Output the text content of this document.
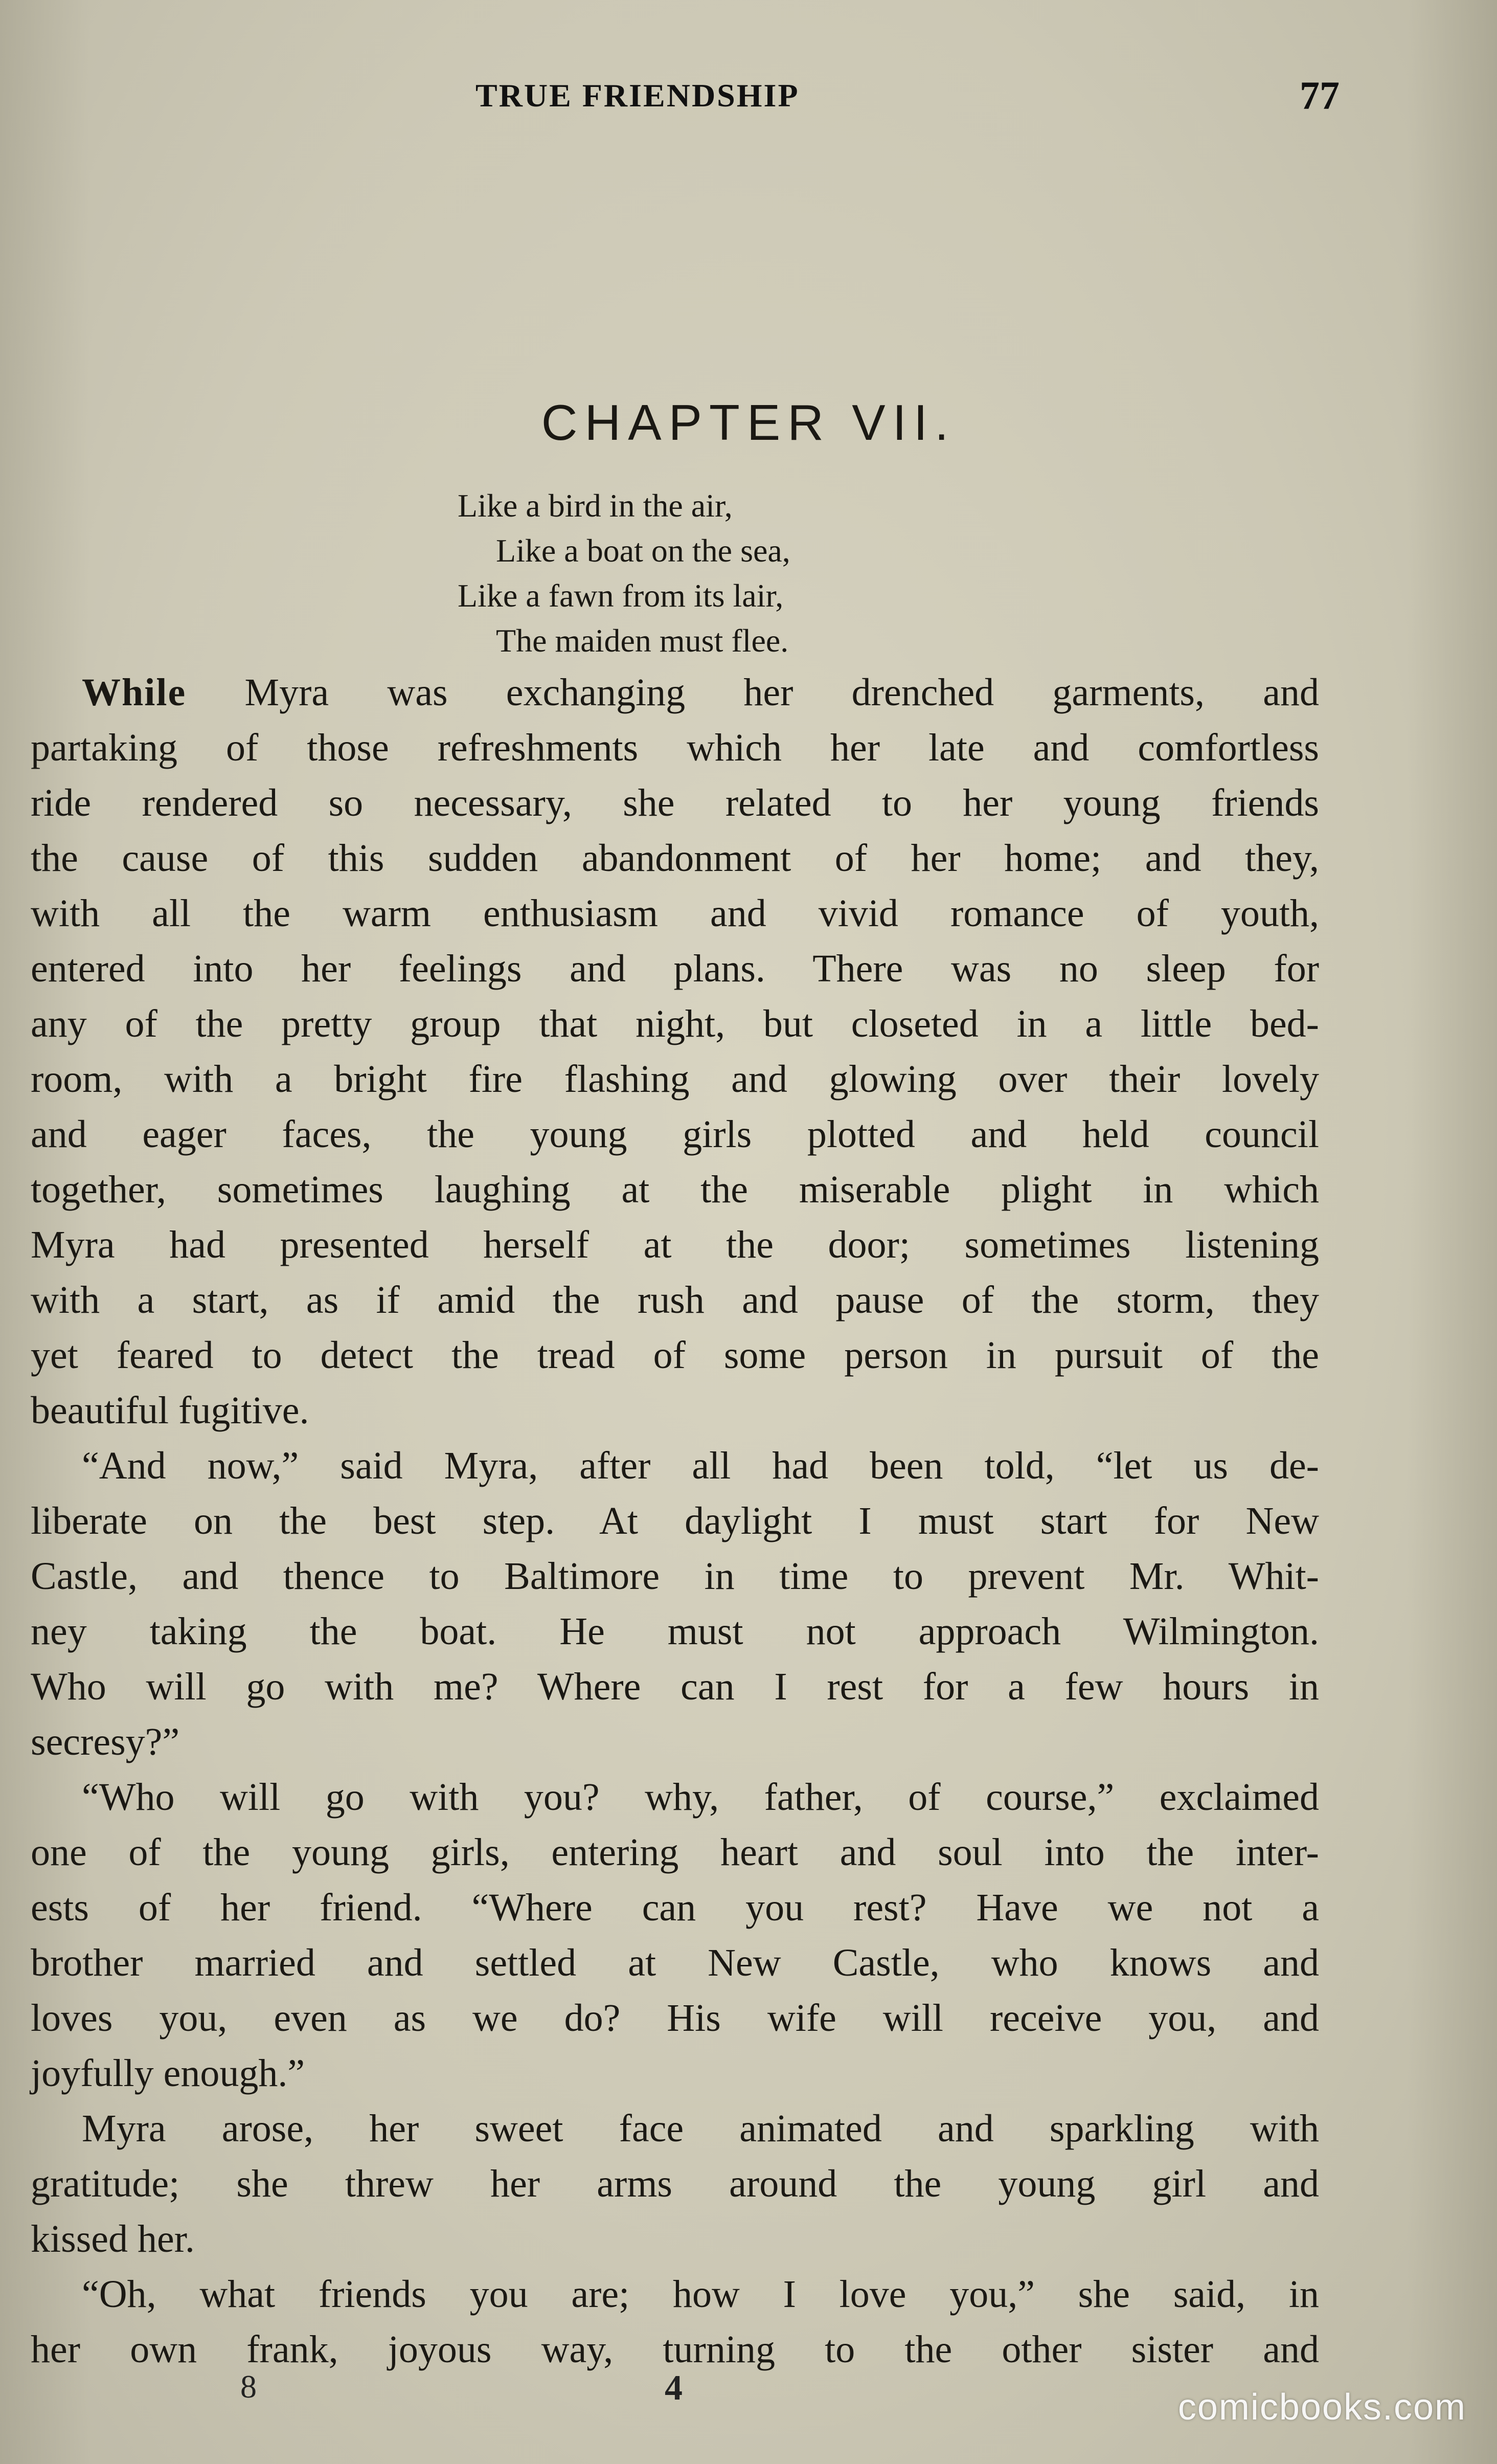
TRUE FRIENDSHIP	77
CHAPTER VII.
Like a bird in the air,
Like a boat on the sea,
Like a fawn from its lair,
The maiden must flee.
While Myra was exchanging her drenched garments, and
partaking of those refreshments which her late and comfortless
ride rendered so necessary, she related to her young friends
the cause of this sudden abandonment of her home; and they,
with all the warm enthusiasm and vivid romance of youth,
entered into her feelings and plans. There was no sleep for
any of the pretty group that night, but closeted in a little bed-
room, with a bright fire flashing and glowing over their lovely
and eager faces, the young girls plotted and held council
together, sometimes laughing at the miserable plight in which
Myra had presented herself at the door; sometimes listening
with a start, as if amid the rush and pause of the storm, they
yet feared to detect the tread of some person in pursuit of the
beautiful fugitive.
“And now,” said Myra, after all had been told, “let us de-
liberate on the best step. At daylight I must start for New
Castle, and thence to Baltimore in time to prevent Mr. Whit-
ney taking the boat. He must not approach Wilmington.
Who will go with me? Where can I rest for a few hours in
secresy?”
“Who will go with you? why, father, of course,” exclaimed
one of the young girls, entering heart and soul into the inter-
ests of her friend. “Where can you rest? Have we not a
brother married and settled at New Castle, who knows and
loves you, even as we do? His wife will receive you, and
joyfully enough.”
Myra arose, her sweet face animated and sparkling with
gratitude; she threw her arms around the young girl and
kissed her.
“Oh, what friends you are; how I love you,” she said, in
her own frank, joyous way, turning to the other sister and
8	4	comicbooks.com
